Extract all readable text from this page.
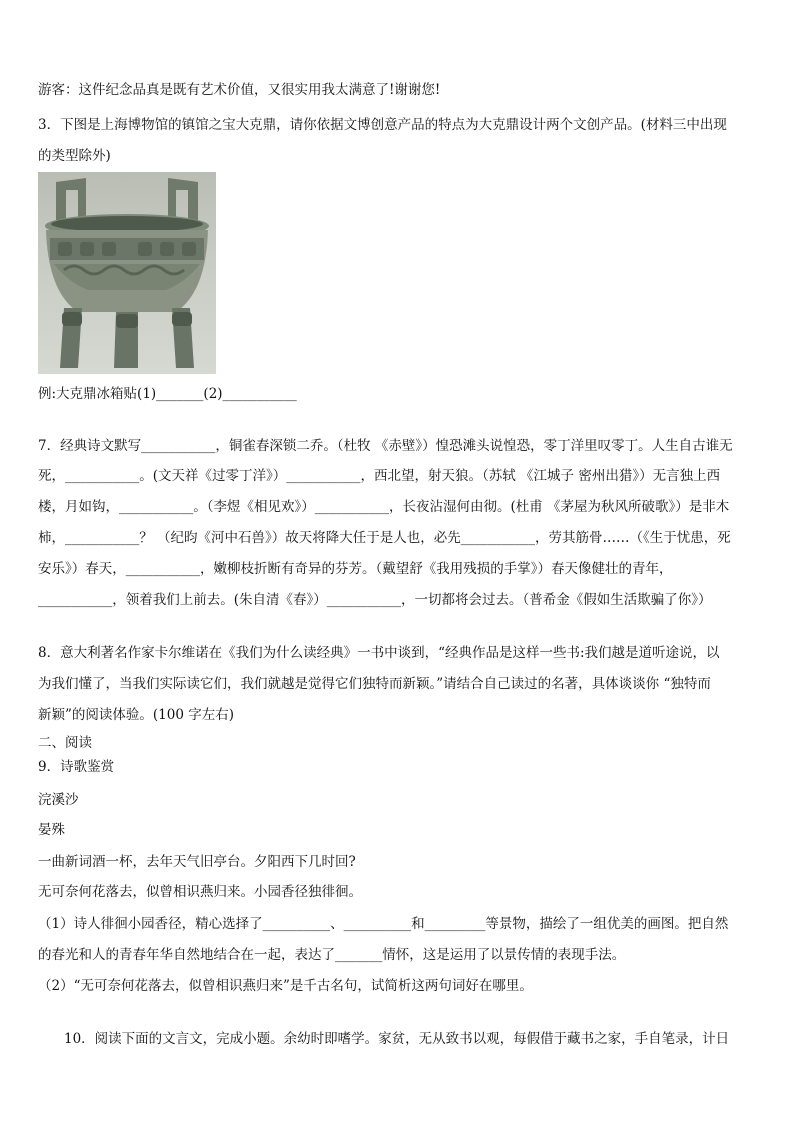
游客：这件纪念品真是既有艺术价值，又很实用我太满意了!谢谢您!
3．下图是上海博物馆的镇馆之宝大克鼎，请你依据文博创意产品的特点为大克鼎设计两个文创产品。(材料三中出现
的类型除外)
例:大克鼎冰箱贴(1)_______(2)___________
7．经典诗文默写___________，铜雀春深锁二乔。（杜牧 《赤壁》）惶恐滩头说惶恐，零丁洋里叹零丁。人生自古谁无
死，___________。(文天祥《过零丁洋》）___________，西北望，射天狼。（苏轼 《江城子 密州出猎》）无言独上西
楼，月如钩，___________。（李煜《相见欢》）___________，长夜沾湿何由彻。(杜甫 《茅屋为秋风所破歌》）是非木
柿，___________？ （纪昀《河中石兽》）故天将降大任于是人也，必先___________，劳其筋骨……（《生于忧患，死
安乐》）春天，___________，嫩柳枝折断有奇异的芬芳。（戴望舒《我用残损的手掌》）春天像健壮的青年，
___________，领着我们上前去。(朱自清《春》）___________，一切都将会过去。（普希金《假如生活欺骗了你》）
8．意大利著名作家卡尔维诺在《我们为什么读经典》一书中谈到，“经典作品是这样一些书:我们越是道听途说，以
为我们懂了，当我们实际读它们，我们就越是觉得它们独特而新颖。”请结合自己读过的名著，具体谈谈你 “独特而
新颖”的阅读体验。(100 字左右)
二、阅读
9．诗歌鉴赏
浣溪沙
晏殊
一曲新词酒一杯，去年天气旧亭台。夕阳西下几时回?
无可奈何花落去，似曾相识燕归来。小园香径独徘徊。
（1）诗人徘徊小园香径，精心选择了__________、__________和_________等景物，描绘了一组优美的画图。把自然
的春光和人的青春年华自然地结合在一起，表达了_______情怀，这是运用了以景传情的表现手法。
（2）“无可奈何花落去，似曾相识燕归来”是千古名句，试简析这两句词好在哪里。
10．阅读下面的文言文，完成小题。余幼时即嗜学。家贫，无从致书以观，每假借于藏书之家，手自笔录，计日
